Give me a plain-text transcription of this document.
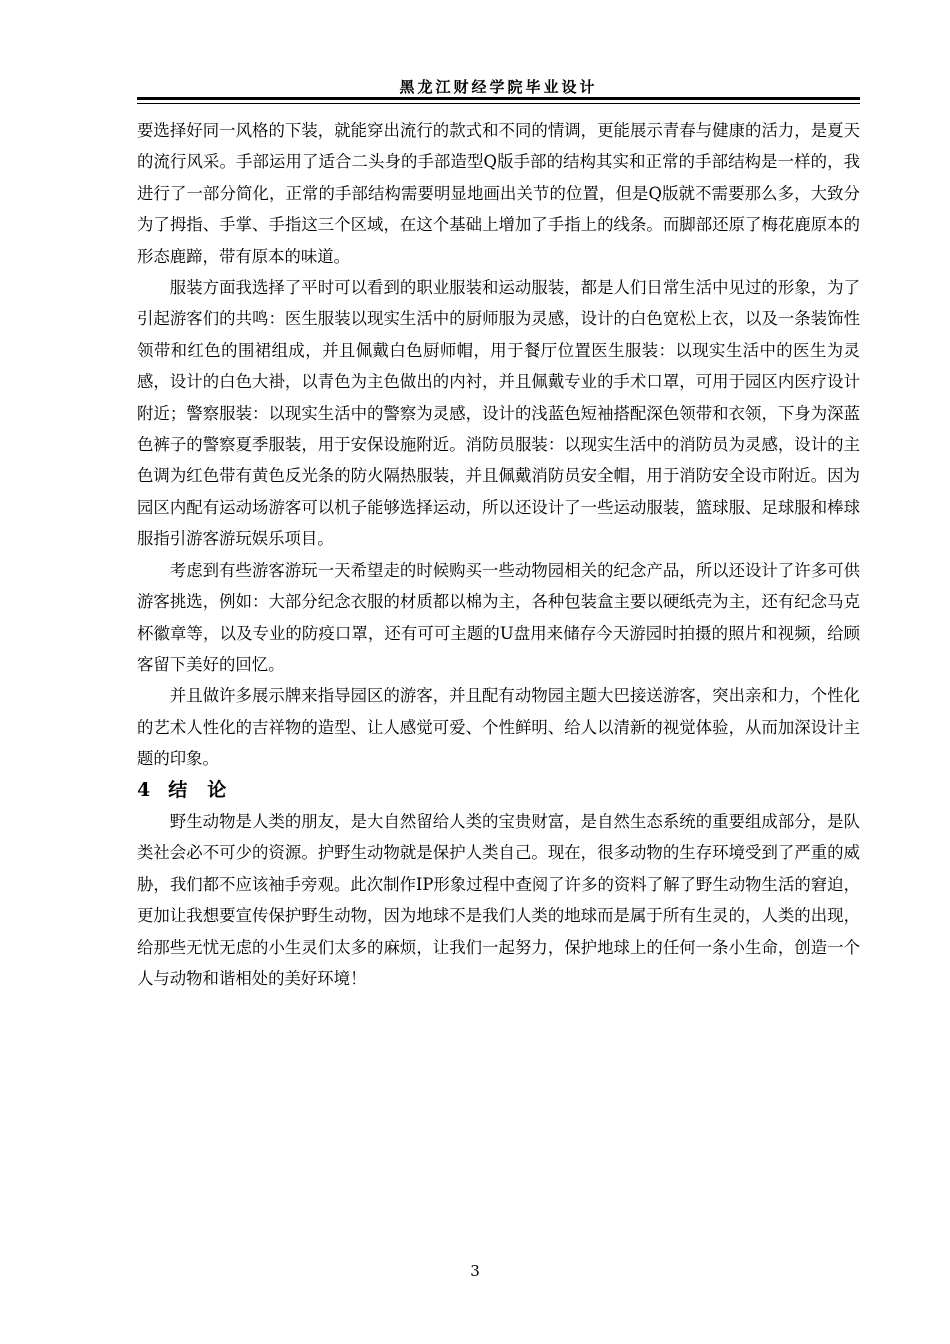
黑龙江财经学院毕业设计

要选择好同一风格的下装，就能穿出流行的款式和不同的情调，更能展示青春与健康的活力，是夏天的流行风采。手部运用了适合二头身的手部造型Q版手部的结构其实和正常的手部结构是一样的，我进行了一部分简化，正常的手部结构需要明显地画出关节的位置，但是Q版就不需要那么多，大致分为了拇指、手掌、手指这三个区域，在这个基础上增加了手指上的线条。而脚部还原了梅花鹿原本的形态鹿蹄，带有原本的味道。

服装方面我选择了平时可以看到的职业服装和运动服装，都是人们日常生活中见过的形象，为了引起游客们的共鸣：医生服装以现实生活中的厨师服为灵感，设计的白色宽松上衣，以及一条装饰性领带和红色的围裙组成，并且佩戴白色厨师帽，用于餐厅位置医生服装：以现实生活中的医生为灵感，设计的白色大褂，以青色为主色做出的内衬，并且佩戴专业的手术口罩，可用于园区内医疗设计附近；警察服装：以现实生活中的警察为灵感，设计的浅蓝色短袖搭配深色领带和衣领，下身为深蓝色裤子的警察夏季服装，用于安保设施附近。消防员服装：以现实生活中的消防员为灵感，设计的主色调为红色带有黄色反光条的防火隔热服装，并且佩戴消防员安全帽，用于消防安全设市附近。因为园区内配有运动场游客可以机子能够选择运动，所以还设计了一些运动服装，篮球服、足球服和棒球服指引游客游玩娱乐项目。

考虑到有些游客游玩一天希望走的时候购买一些动物园相关的纪念产品，所以还设计了许多可供游客挑选，例如：大部分纪念衣服的材质都以棉为主，各种包装盒主要以硬纸壳为主，还有纪念马克杯徽章等，以及专业的防疫口罩，还有可可主题的U盘用来储存今天游园时拍摄的照片和视频，给顾客留下美好的回忆。

并且做许多展示牌来指导园区的游客，并且配有动物园主题大巴接送游客，突出亲和力，个性化的艺术人性化的吉祥物的造型、让人感觉可爱、个性鲜明、给人以清新的视觉体验，从而加深设计主题的印象。

4 结论

野生动物是人类的朋友，是大自然留给人类的宝贵财富，是自然生态系统的重要组成部分，是队类社会必不可少的资源。护野生动物就是保护人类自己。现在，很多动物的生存环境受到了严重的威胁，我们都不应该袖手旁观。此次制作IP形象过程中查阅了许多的资料了解了野生动物生活的窘迫，更加让我想要宣传保护野生动物，因为地球不是我们人类的地球而是属于所有生灵的，人类的出现，给那些无忧无虑的小生灵们太多的麻烦，让我们一起努力，保护地球上的任何一条小生命，创造一个人与动物和谐相处的美好环境！

3
